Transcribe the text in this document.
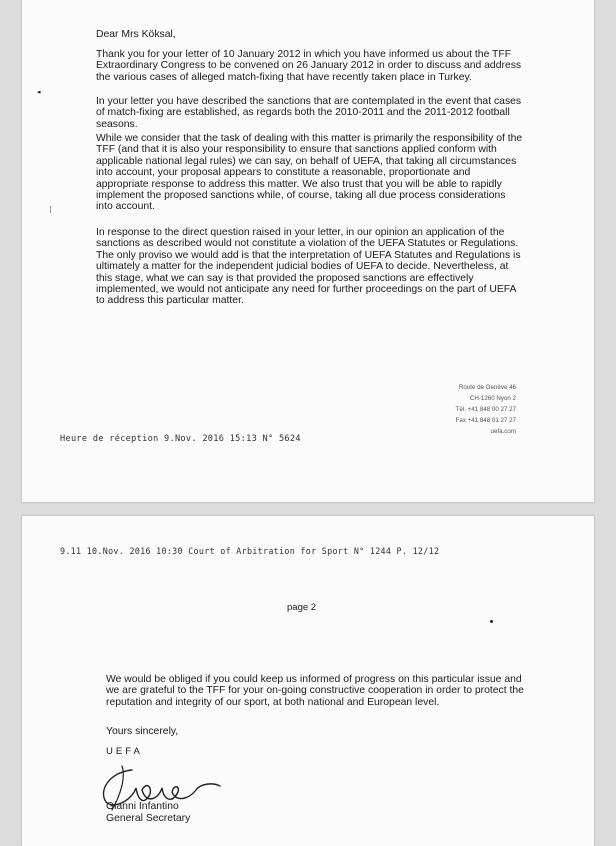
Dear Mrs Köksal,
Thank you for your letter of 10 January 2012 in which you have informed us about the TFF
Extraordinary Congress to be convened on 26 January 2012 in order to discuss and address
the various cases of alleged match-fixing that have recently taken place in Turkey.
In your letter you have described the sanctions that are contemplated in the event that cases
of match-fixing are established, as regards both the 2010-2011 and the 2011-2012 football
seasons.
While we consider that the task of dealing with this matter is primarily the responsibility of the
TFF (and that it is also your responsibility to ensure that sanctions applied conform with
applicable national legal rules) we can say, on behalf of UEFA, that taking all circumstances
into account, your proposal appears to constitute a reasonable, proportionate and
appropriate response to address this matter. We also trust that you will be able to rapidly
implement the proposed sanctions while, of course, taking all due process considerations
into account.
In response to the direct question raised in your letter, in our opinion an application of the
sanctions as described would not constitute a violation of the UEFA Statutes or Regulations.
The only proviso we would add is that the interpretation of UEFA Statutes and Regulations is
ultimately a matter for the independent judicial bodies of UEFA to decide. Nevertheless, at
this stage, what we can say is that provided the proposed sanctions are effectively
implemented, we would not anticipate any need for further proceedings on the part of UEFA
to address this particular matter.
Route de Genève 46
CH-1260 Nyon 2
Tél. +41 848 00 27 27
Fax +41 848 01 27 27
uefa.com
Heure de réception 9.Nov. 2016 15:13 N° 5624
◂
9.11 10.Nov. 2016 10:30 Court of Arbitration for Sport N° 1244 P. 12/12
page 2
We would be obliged if you could keep us informed of progress on this particular issue and
we are grateful to the TFF for your on-going constructive cooperation in order to protect the
reputation and integrity of our sport, at both national and European level.
Yours sincerely,
UEFA
Gianni Infantino
General Secretary
